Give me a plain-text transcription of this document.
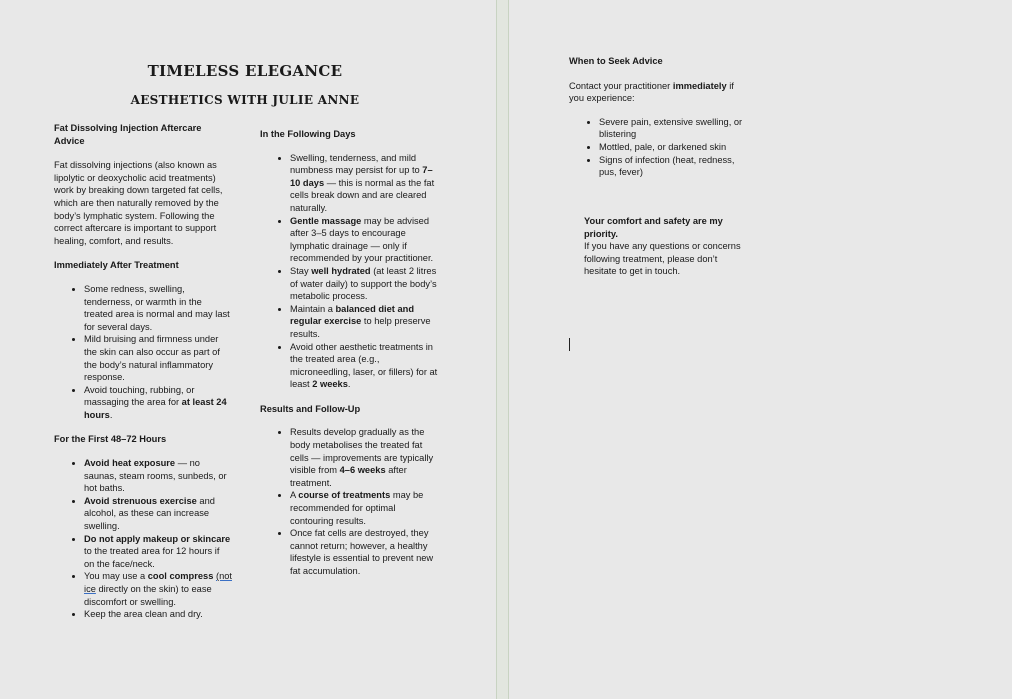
TIMELESS ELEGANCE
AESTHETICS WITH JULIE ANNE

Fat Dissolving Injection Aftercare Advice

Fat dissolving injections (also known as lipolytic or deoxycholic acid treatments) work by breaking down targeted fat cells, which are then naturally removed by the body’s lymphatic system. Following the correct aftercare is important to support healing, comfort, and results.

Immediately After Treatment

• Some redness, swelling, tenderness, or warmth in the treated area is normal and may last for several days.
• Mild bruising and firmness under the skin can also occur as part of the body’s natural inflammatory response.
• Avoid touching, rubbing, or massaging the area for at least 24 hours.

For the First 48–72 Hours

• Avoid heat exposure — no saunas, steam rooms, sunbeds, or hot baths.
• Avoid strenuous exercise and alcohol, as these can increase swelling.
• Do not apply makeup or skincare to the treated area for 12 hours if on the face/neck.
• You may use a cool compress (not ice directly on the skin) to ease discomfort or swelling.
• Keep the area clean and dry.

In the Following Days

• Swelling, tenderness, and mild numbness may persist for up to 7–10 days — this is normal as the fat cells break down and are cleared naturally.
• Gentle massage may be advised after 3–5 days to encourage lymphatic drainage — only if recommended by your practitioner.
• Stay well hydrated (at least 2 litres of water daily) to support the body’s metabolic process.
• Maintain a balanced diet and regular exercise to help preserve results.
• Avoid other aesthetic treatments in the treated area (e.g., microneedling, laser, or fillers) for at least 2 weeks.

Results and Follow-Up

• Results develop gradually as the body metabolises the treated fat cells — improvements are typically visible from 4–6 weeks after treatment.
• A course of treatments may be recommended for optimal contouring results.
• Once fat cells are destroyed, they cannot return; however, a healthy lifestyle is essential to prevent new fat accumulation.

When to Seek Advice

Contact your practitioner immediately if you experience:

• Severe pain, extensive swelling, or blistering
• Mottled, pale, or darkened skin
• Signs of infection (heat, redness, pus, fever)

Your comfort and safety are my priority.

If you have any questions or concerns following treatment, please don’t hesitate to get in touch.
